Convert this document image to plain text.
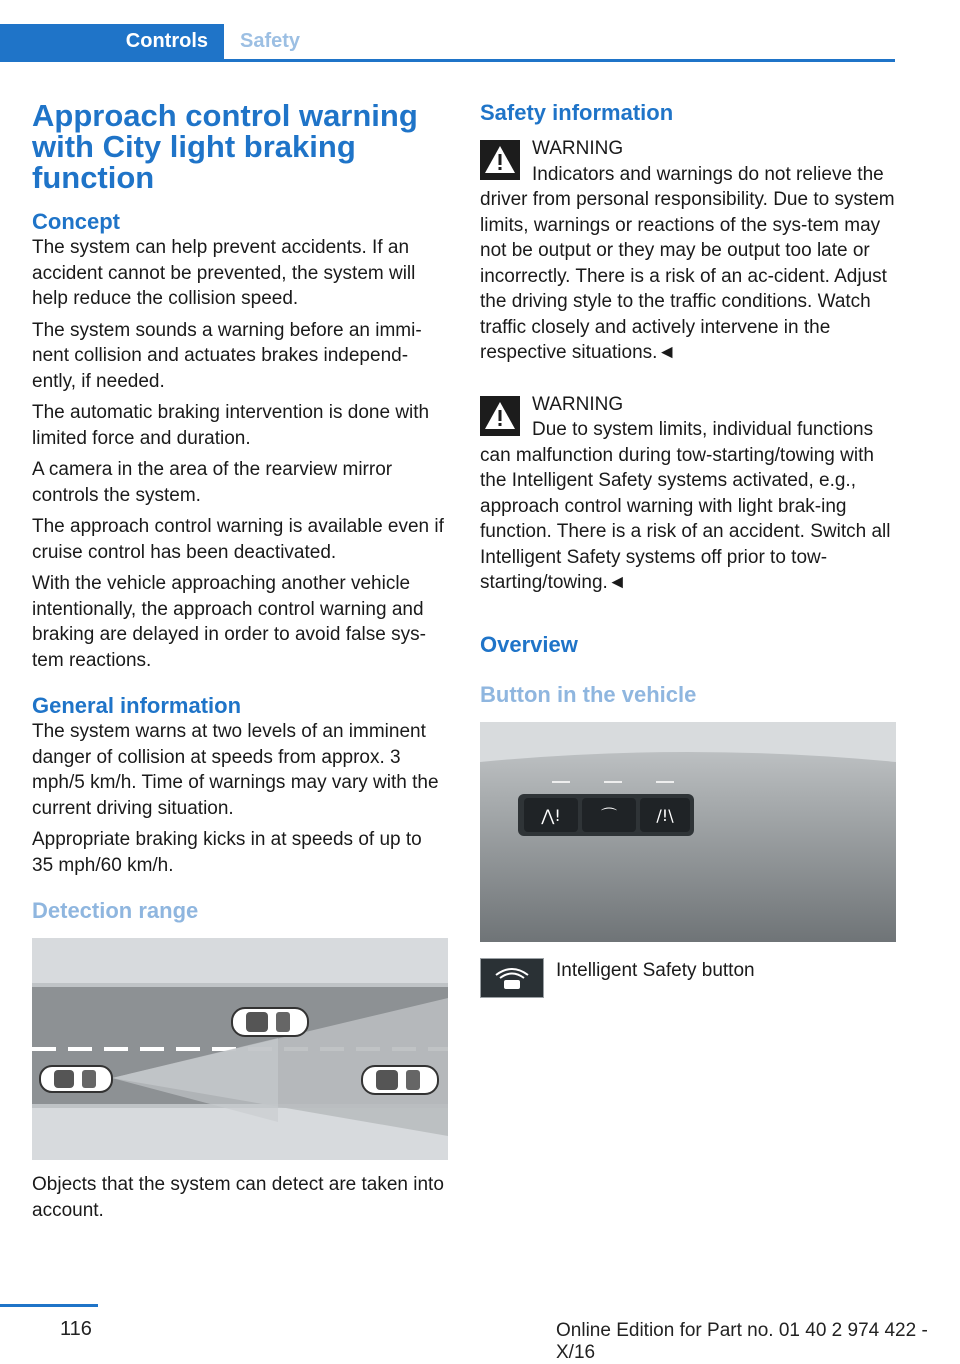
Controls	Safety
Approach control warning with City light braking function
Concept

The system can help prevent accidents. If an accident cannot be prevented, the system will help reduce the collision speed.

The system sounds a warning before an immi‐nent collision and actuates brakes independ‐ently, if needed.

The automatic braking intervention is done with limited force and duration.

A camera in the area of the rearview mirror controls the system.

The approach control warning is available even if cruise control has been deactivated.

With the vehicle approaching another vehicle intentionally, the approach control warning and braking are delayed in order to avoid false sys‐tem reactions.

General information

The system warns at two levels of an imminent danger of collision at speeds from approx. 3 mph/5 km/h. Time of warnings may vary with the current driving situation.

Appropriate braking kicks in at speeds of up to 35 mph/60 km/h.

Detection range

Objects that the system can detect are taken into account.

Safety information
WARNING

Indicators and warnings do not relieve the driver from personal responsibility. Due to system limits, warnings or reactions of the sys‐tem may not be output or they may be output too late or incorrectly. There is a risk of an ac‐cident. Adjust the driving style to the traffic conditions. Watch traffic closely and actively intervene in the respective situations.◄

WARNING

Due to system limits, individual functions can malfunction during tow-starting/towing with the Intelligent Safety systems activated, e.g., approach control warning with light brak‐ing function. There is a risk of an accident. Switch all Intelligent Safety systems off prior to tow-starting/towing.◄

Overview
Button in the vehicle
⋀!	⌒ /!\

Intelligent Safety button

116	Online Edition for Part no. 01 40 2 974 422 - X/16
